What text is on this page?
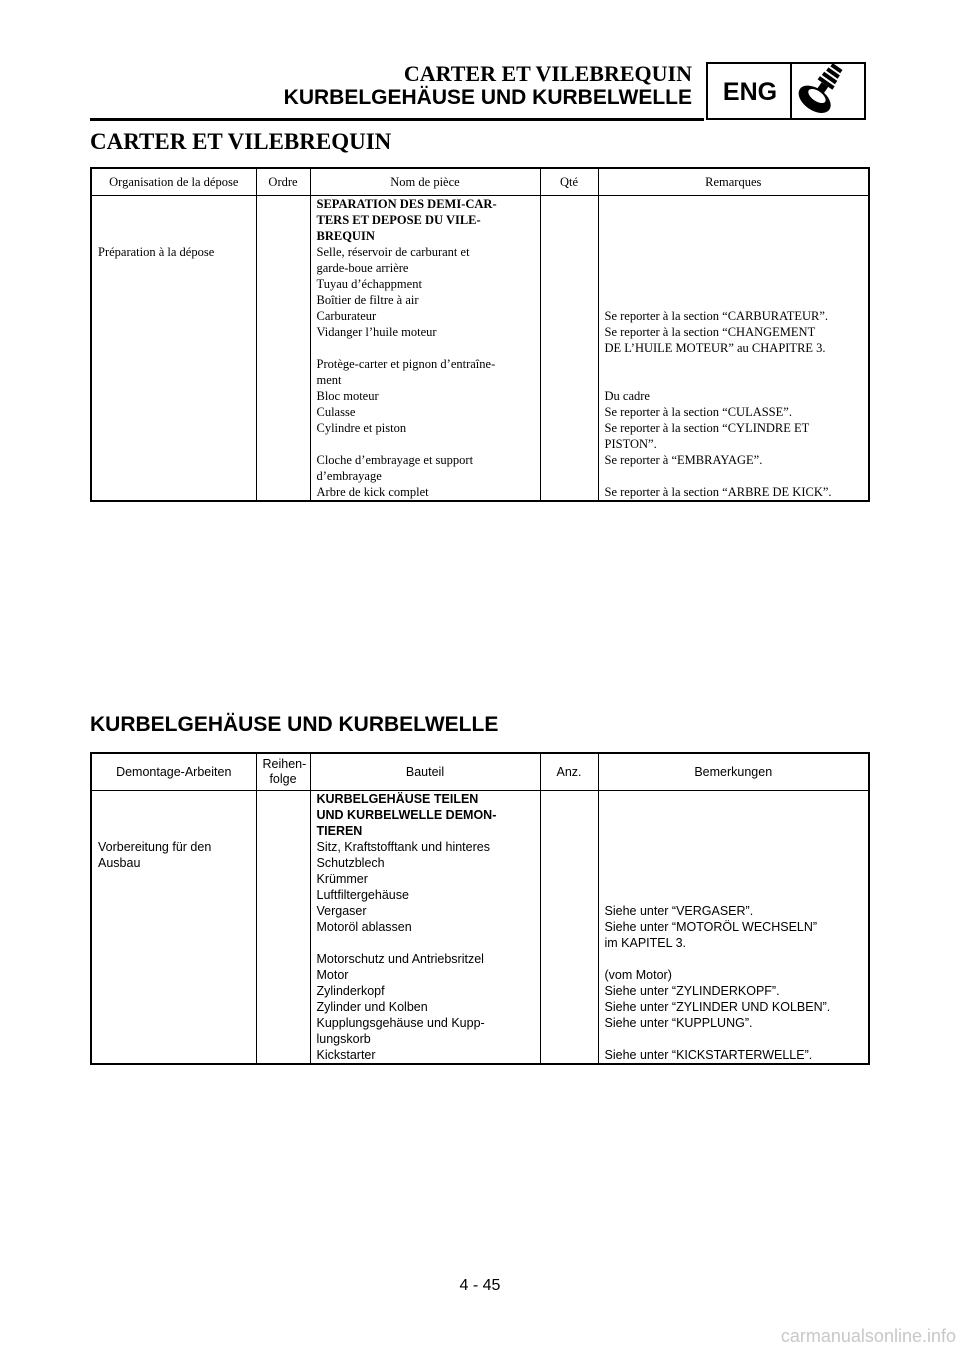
CARTER ET VILEBREQUIN
KURBELGEHÄUSE UND KURBELWELLE	ENG
CARTER ET VILEBREQUIN
Organisation de la dépose	Ordre	Nom de pièce	Qté	Remarques
		SEPARATION DES DEMI-CAR-
TERS ET DEPOSE DU VILE-
BREQUIN		
Préparation à la dépose		Selle, réservoir de carburant et
garde-boue arrière		
		Tuyau d’échappment		
		Boîtier de filtre à air		
		Carburateur		Se reporter à la section “CARBURATEUR”.
		Vidanger l’huile moteur		Se reporter à la section “CHANGEMENT
DE L’HUILE MOTEUR” au CHAPITRE 3.
		Protège-carter et pignon d’entraîne-
ment		
		Bloc moteur		Du cadre
		Culasse		Se reporter à la section “CULASSE”.
		Cylindre et piston		Se reporter à la section “CYLINDRE ET
PISTON”.
		Cloche d’embrayage et support
d’embrayage		Se reporter à “EMBRAYAGE”.
		Arbre de kick complet		Se reporter à la section “ARBRE DE KICK”.
KURBELGEHÄUSE UND KURBELWELLE
Demontage-Arbeiten	Reihen-
folge	Bauteil	Anz.	Bemerkungen
		KURBELGEHÄUSE TEILEN
UND KURBELWELLE DEMON-
TIEREN		
Vorbereitung für den
Ausbau		Sitz, Kraftstofftank und hinteres
Schutzblech		
		Krümmer		
		Luftfiltergehäuse		
		Vergaser		Siehe unter “VERGASER”.
		Motoröl ablassen		Siehe unter “MOTORÖL WECHSELN”
im KAPITEL 3.
		Motorschutz und Antriebsritzel		
		Motor		(vom Motor)
		Zylinderkopf		Siehe unter “ZYLINDERKOPF”.
		Zylinder und Kolben		Siehe unter “ZYLINDER UND KOLBEN”.
		Kupplungsgehäuse und Kupp-
lungskorb		Siehe unter “KUPPLUNG”.
		Kickstarter		Siehe unter “KICKSTARTERWELLE”.
4 - 45
carmanualsonline.info
